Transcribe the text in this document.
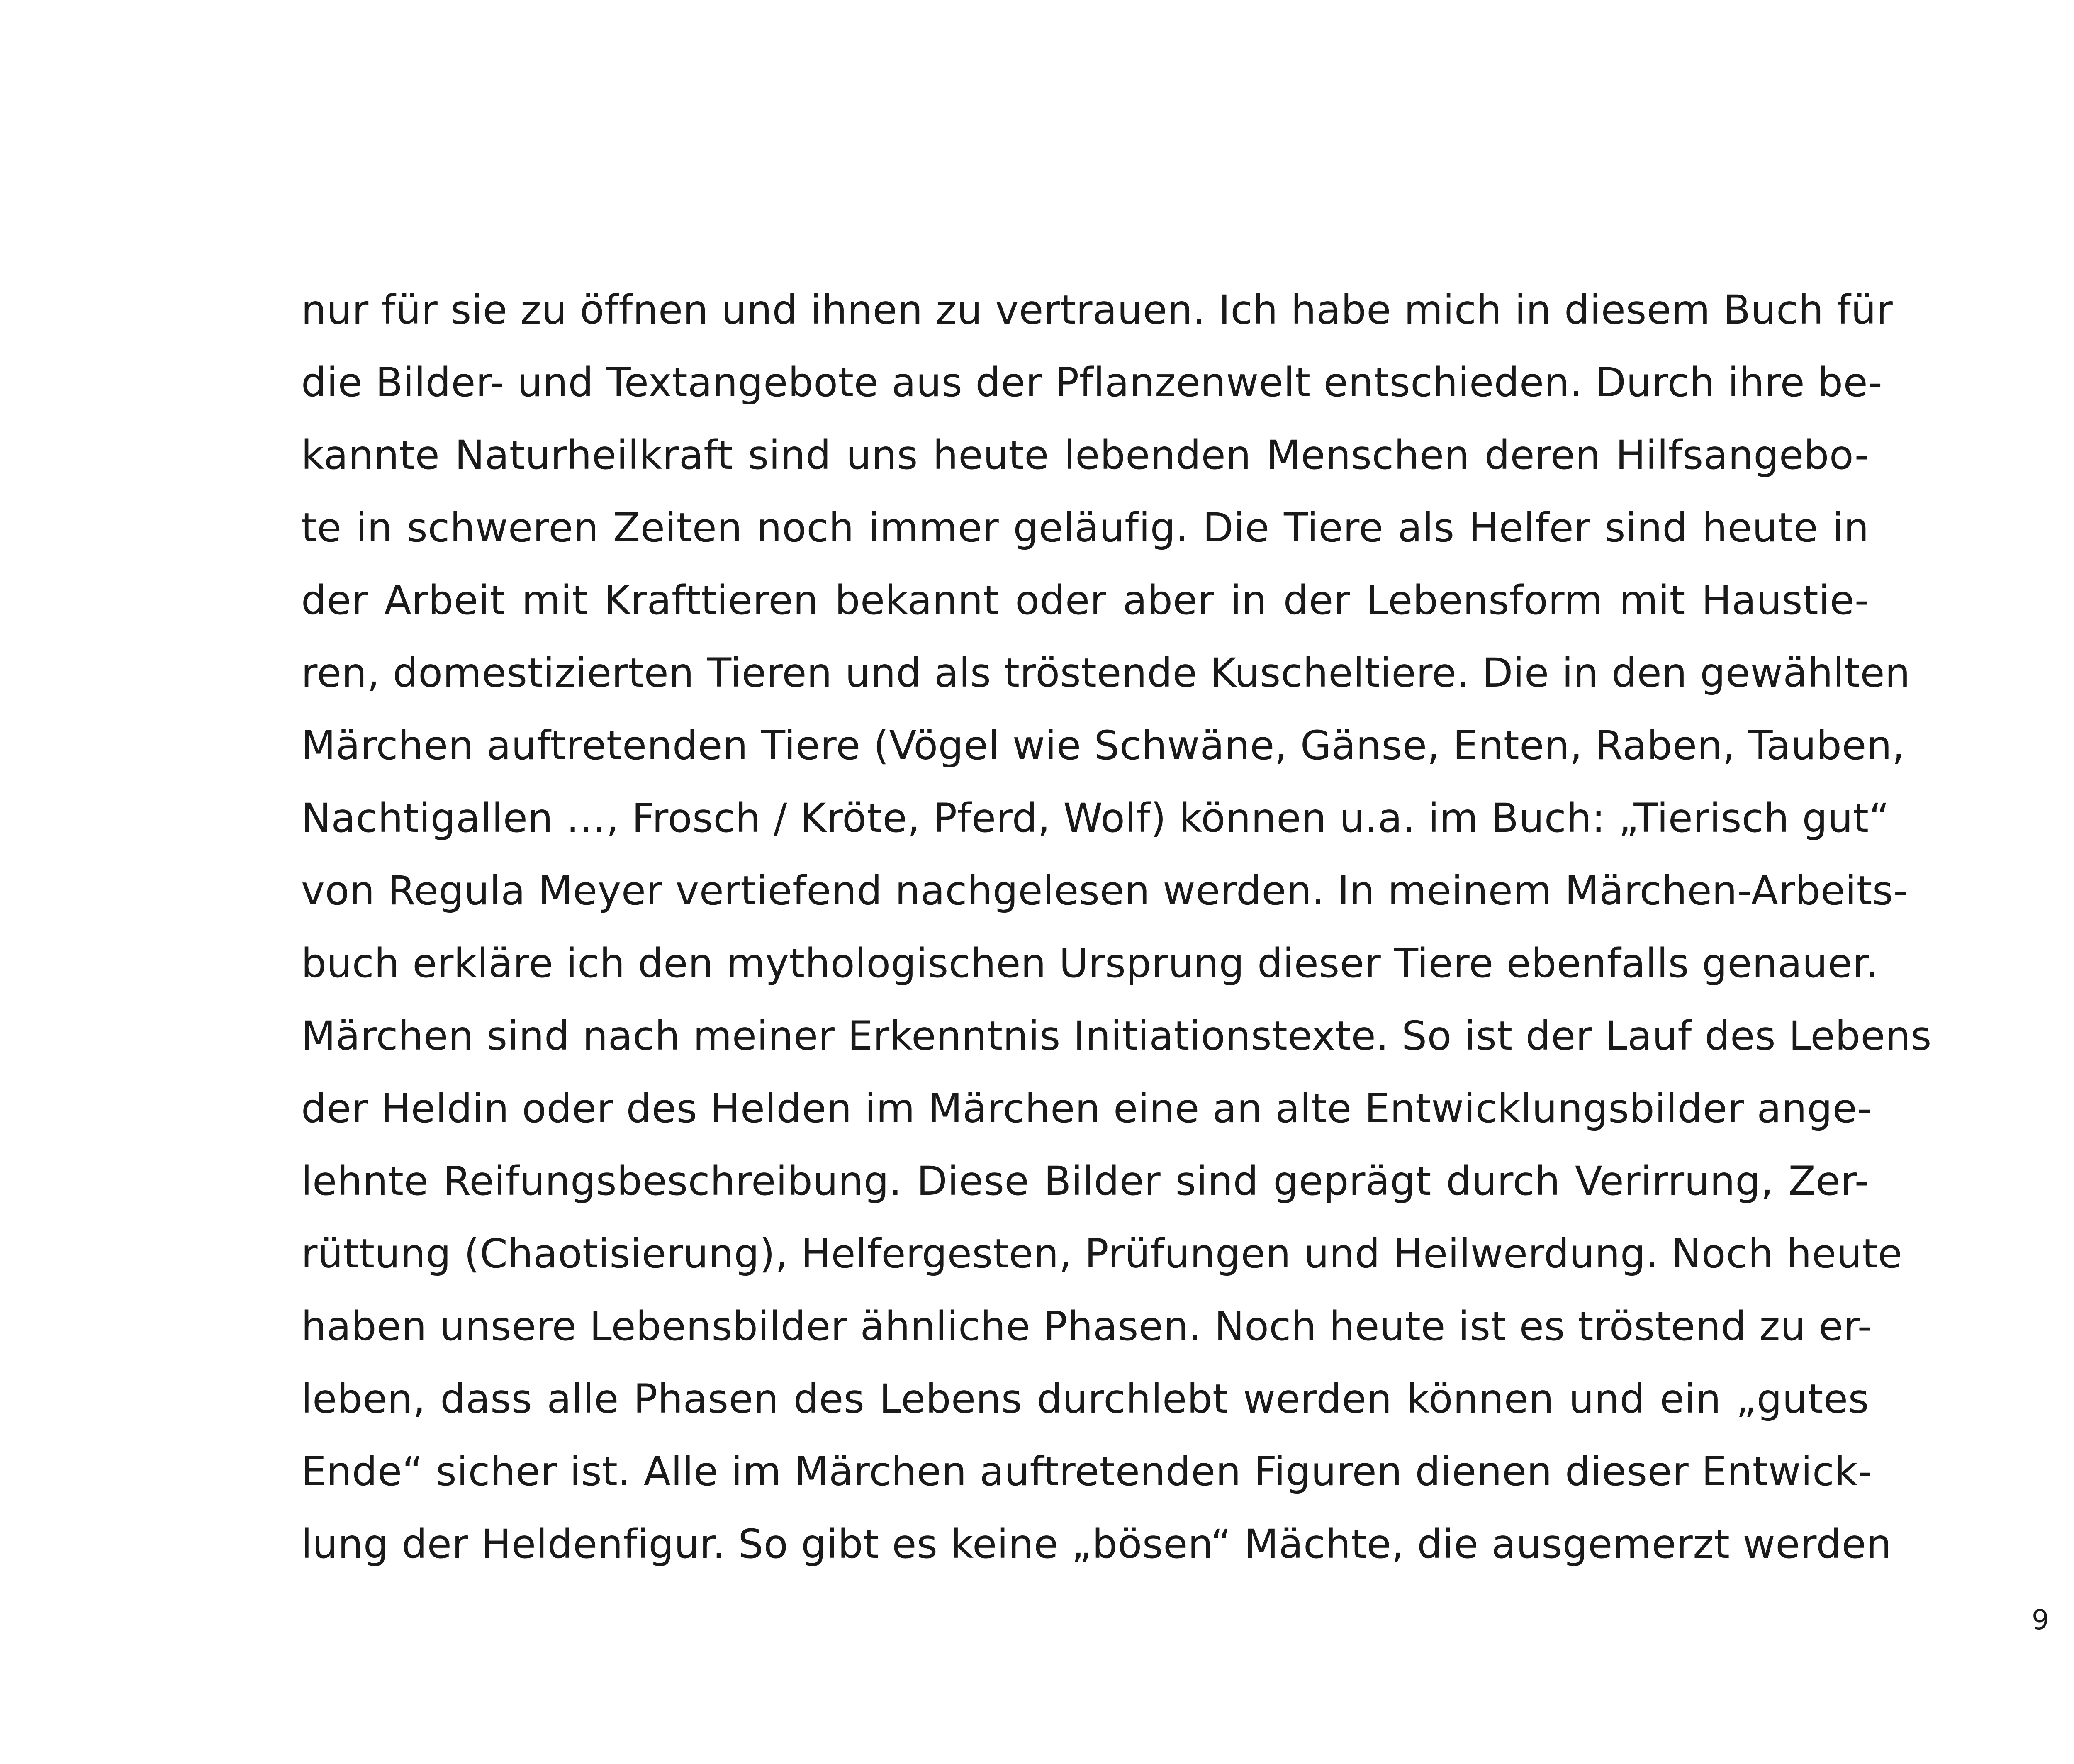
nur für sie zu öffnen und ihnen zu vertrauen. Ich habe mich in diesem Buch für
die Bilder- und Textangebote aus der Pflanzenwelt entschieden. Durch ihre be-
kannte Naturheilkraft sind uns heute lebenden Menschen deren Hilfsangebo-
te in schweren Zeiten noch immer geläufig. Die Tiere als Helfer sind heute in
der Arbeit mit Krafttieren bekannt oder aber in der Lebensform mit Haustie-
ren, domestizierten Tieren und als tröstende Kuscheltiere. Die in den gewählten
Märchen auftretenden Tiere (Vögel wie Schwäne, Gänse, Enten, Raben, Tauben,
Nachtigallen …, Frosch / Kröte, Pferd, Wolf) können u.a. im Buch: „Tierisch gut“
von Regula Meyer vertiefend nachgelesen werden. In meinem Märchen-Arbeits-
buch erkläre ich den mythologischen Ursprung dieser Tiere ebenfalls genauer.
Märchen sind nach meiner Erkenntnis Initiationstexte. So ist der Lauf des Lebens
der Heldin oder des Helden im Märchen eine an alte Entwicklungsbilder ange-
lehnte Reifungsbeschreibung. Diese Bilder sind geprägt durch Verirrung, Zer-
rüttung (Chaotisierung), Helfergesten, Prüfungen und Heilwerdung. Noch heute
haben unsere Lebensbilder ähnliche Phasen. Noch heute ist es tröstend zu er-
leben, dass alle Phasen des Lebens durchlebt werden können und ein „gutes
Ende“ sicher ist. Alle im Märchen auftretenden Figuren dienen dieser Entwick-
lung der Heldenfigur. So gibt es keine „bösen“ Mächte, die ausgemerzt werden
9
